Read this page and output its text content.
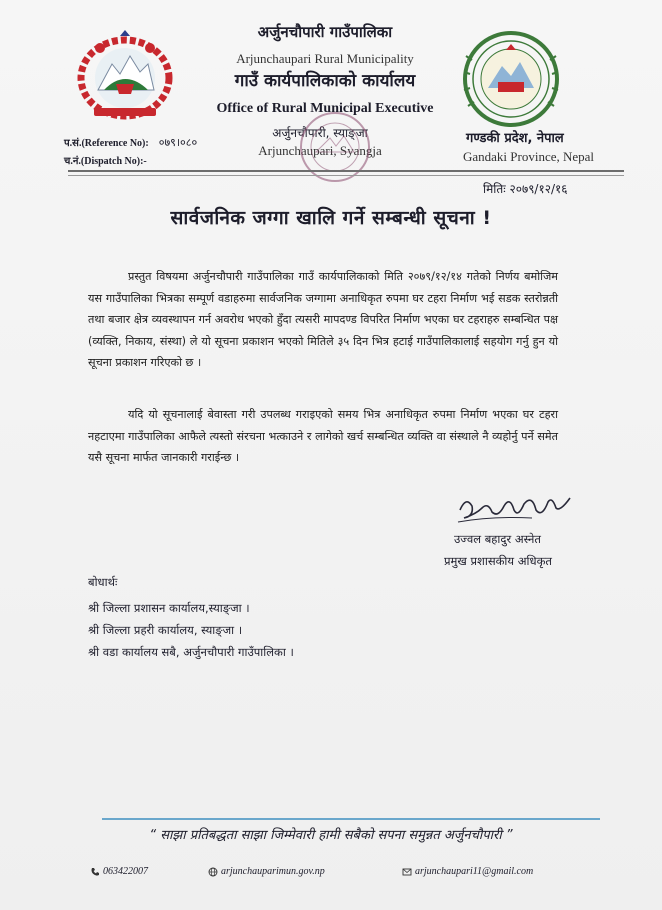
अर्जुनचौपारी गाउँपालिका
Arjunchaupari Rural Municipality
गाउँ कार्यपालिकाको कार्यालय
Office of Rural Municipal Executive
अर्जुनचौपारी, स्याङ्जा
Arjunchaupari, Syangja
गण्डकी प्रदेश, नेपाल
Gandaki Province, Nepal
प.सं.(Reference No): ०७९।०८०
च.नं.(Dispatch No):-
मितिः २०७९/१२/१६
सार्वजनिक जग्गा खालि गर्ने सम्बन्धी सूचना !
प्रस्तुत विषयमा अर्जुनचौपारी गाउँपालिका गाउँ कार्यपालिकाको मिति २०७९/१२/१४ गतेको निर्णय बमोजिम यस गाउँपालिका भित्रका सम्पूर्ण वडाहरुमा सार्वजनिक जग्गामा अनाधिकृत रुपमा घर टहरा निर्माण भई सडक स्तरोन्नती तथा बजार क्षेत्र व्यवस्थापन गर्न अवरोध भएको हुँदा त्यसरी मापदण्ड विपरित निर्माण भएका घर टहराहरु सम्बन्धित पक्ष (व्यक्ति, निकाय, संस्था) ले यो सूचना प्रकाशन भएको मितिले ३५ दिन भित्र हटाई गाउँपालिकालाई सहयोग गर्नु हुन यो सूचना प्रकाशन गरिएको छ ।
यदि यो सूचनालाई बेवास्ता गरी उपलब्ध गराइएको समय भित्र अनाधिकृत रुपमा निर्माण भएका घर टहरा नहटाएमा गाउँपालिका आफैले त्यस्तो संरचना भत्काउने र लागेको खर्च सम्बन्धित व्यक्ति वा संस्थाले नै व्यहोर्नु पर्ने समेत यसै सूचना मार्फत जानकारी गराईन्छ ।
उज्वल बहादुर अस्नेत
प्रमुख प्रशासकीय अधिकृत
बोधार्थः
श्री जिल्ला प्रशासन कार्यालय,स्याङ्जा ।
श्री जिल्ला प्रहरी कार्यालय, स्याङ्जा ।
श्री वडा कार्यालय सबै, अर्जुनचौपारी गाउँपालिका ।
“ साझा प्रतिबद्धता साझा जिम्मेवारी हामी सबैको सपना समुन्नत अर्जुनचौपारी ”
063422007	arjunchauparimun.gov.np	arjunchaupari11@gmail.com
